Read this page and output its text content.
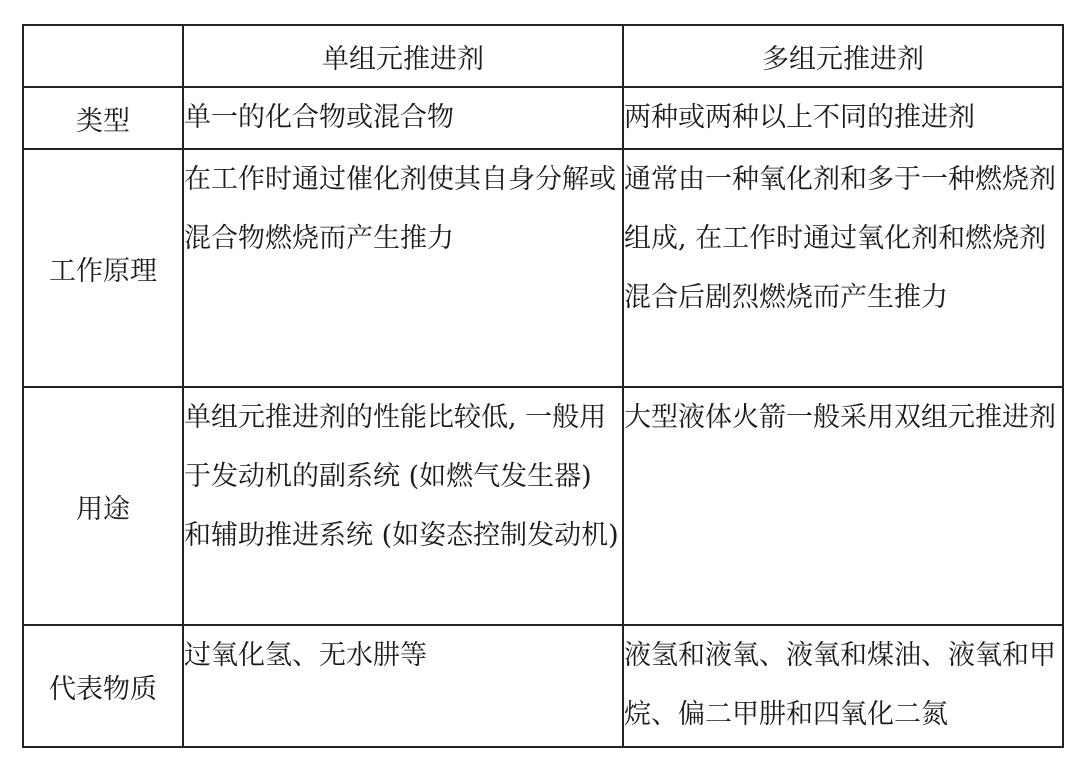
	单组元推进剂	多组元推进剂
类型	单一的化合物或混合物	两种或两种以上不同的推进剂
工作原理	在工作时通过催化剂使其自身分解或混合物燃烧而产生推力	通常由一种氧化剂和多于一种燃烧剂组成, 在工作时通过氧化剂和燃烧剂混合后剧烈燃烧而产生推力
用途	单组元推进剂的性能比较低, 一般用于发动机的副系统 (如燃气发生器) 和辅助推进系统 (如姿态控制发动机)	大型液体火箭一般采用双组元推进剂
代表物质	过氧化氢、无水肼等	液氢和液氧、液氧和煤油、液氧和甲烷、偏二甲肼和四氧化二氮
